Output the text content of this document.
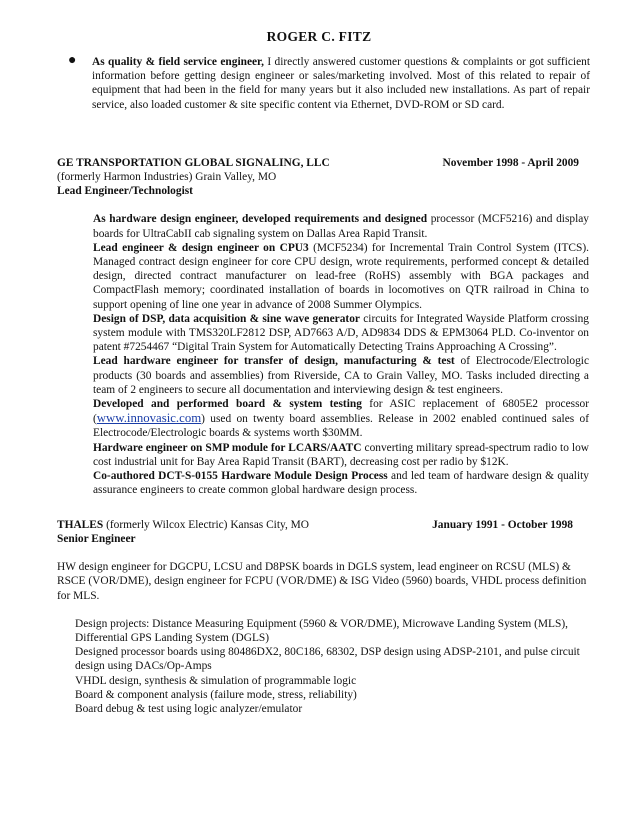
ROGER C. FITZ
● As quality & field service engineer, I directly answered customer questions & complaints or got sufficient information before getting design engineer or sales/marketing involved. Most of this related to repair of equipment that had been in the field for many years but it also included new installations. As part of repair service, also loaded customer & site specific content via Ethernet, DVD-ROM or SD card.
GE TRANSPORTATION GLOBAL SIGNALING, LLC	November 1998 - April 2009
(formerly Harmon Industries) Grain Valley, MO
Lead Engineer/Technologist
As hardware design engineer, developed requirements and designed processor (MCF5216) and display boards for UltraCabII cab signaling system on Dallas Area Rapid Transit.
Lead engineer & design engineer on CPU3 (MCF5234) for Incremental Train Control System (ITCS). Managed contract design engineer for core CPU design, wrote requirements, performed concept & detailed design, directed contract manufacturer on lead-free (RoHS) assembly with BGA packages and CompactFlash memory; coordinated installation of boards in locomotives on QTR railroad in China to support opening of line one year in advance of 2008 Summer Olympics.
Design of DSP, data acquisition & sine wave generator circuits for Integrated Wayside Platform crossing system module with TMS320LF2812 DSP, AD7663 A/D, AD9834 DDS & EPM3064 PLD. Co-inventor on patent #7254467 “Digital Train System for Automatically Detecting Trains Approaching A Crossing”.
Lead hardware engineer for transfer of design, manufacturing & test of Electrocode/Electrologic products (30 boards and assemblies) from Riverside, CA to Grain Valley, MO. Tasks included directing a team of 2 engineers to secure all documentation and interviewing design & test engineers.
Developed and performed board & system testing for ASIC replacement of 6805E2 processor (www.innovasic.com) used on twenty board assemblies. Release in 2002 enabled continued sales of Electrocode/Electrologic boards & systems worth $30MM.
Hardware engineer on SMP module for LCARS/AATC converting military spread-spectrum radio to low cost industrial unit for Bay Area Rapid Transit (BART), decreasing cost per radio by $12K.
Co-authored DCT-S-0155 Hardware Module Design Process and led team of hardware design & quality assurance engineers to create common global hardware design process.
THALES (formerly Wilcox Electric) Kansas City, MO	January 1991 - October 1998
Senior Engineer
HW design engineer for DGCPU, LCSU and D8PSK boards in DGLS system, lead engineer on RCSU (MLS) & RSCE (VOR/DME), design engineer for FCPU (VOR/DME) & ISG Video (5960) boards, VHDL process definition for MLS.
Design projects: Distance Measuring Equipment (5960 & VOR/DME), Microwave Landing System (MLS), Differential GPS Landing System (DGLS)
Designed processor boards using 80486DX2, 80C186, 68302, DSP design using ADSP-2101, and pulse circuit design using DACs/Op-Amps
VHDL design, synthesis & simulation of programmable logic
Board & component analysis (failure mode, stress, reliability)
Board debug & test using logic analyzer/emulator
